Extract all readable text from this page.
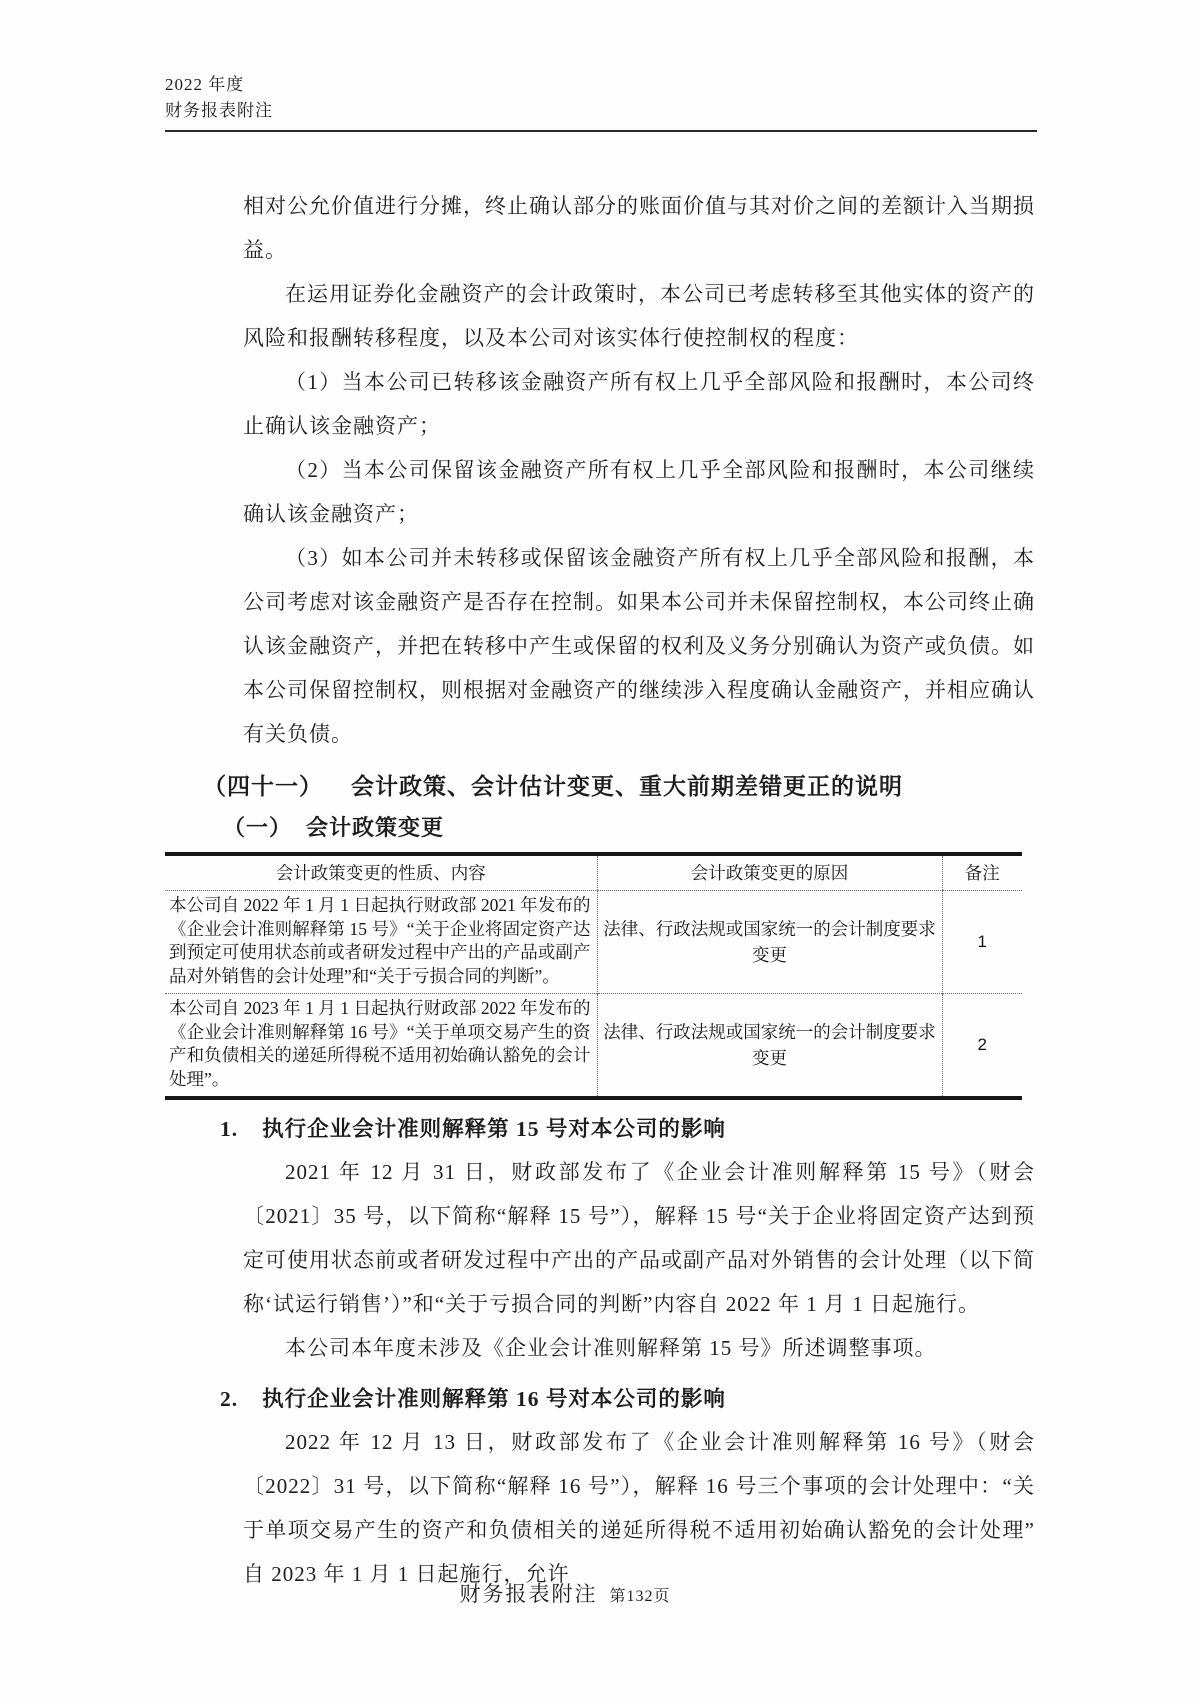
2022 年度
财务报表附注

相对公允价值进行分摊，终止确认部分的账面价值与其对价之间的差额计入当期损益。

在运用证券化金融资产的会计政策时，本公司已考虑转移至其他实体的资产的风险和报酬转移程度，以及本公司对该实体行使控制权的程度：

（1）当本公司已转移该金融资产所有权上几乎全部风险和报酬时，本公司终止确认该金融资产；

（2）当本公司保留该金融资产所有权上几乎全部风险和报酬时，本公司继续确认该金融资产；

（3）如本公司并未转移或保留该金融资产所有权上几乎全部风险和报酬，本公司考虑对该金融资产是否存在控制。如果本公司并未保留控制权，本公司终止确认该金融资产，并把在转移中产生或保留的权利及义务分别确认为资产或负债。如本公司保留控制权，则根据对金融资产的继续涉入程度确认金融资产，并相应确认有关负债。

（四十一） 会计政策、会计估计变更、重大前期差错更正的说明
（一） 会计政策变更
会计政策变更的性质、内容	会计政策变更的原因	备注
本公司自 2022 年 1 月 1 日起执行财政部 2021 年发布的《企业会计准则解释第 15 号》“关于企业将固定资产达到预定可使用状态前或者研发过程中产出的产品或副产品对外销售的会计处理”和“关于亏损合同的判断”。	法律、行政法规或国家统一的会计制度要求变更	1
本公司自 2023 年 1 月 1 日起执行财政部 2022 年发布的《企业会计准则解释第 16 号》“关于单项交易产生的资产和负债相关的递延所得税不适用初始确认豁免的会计处理”。	法律、行政法规或国家统一的会计制度要求变更	2
1. 执行企业会计准则解释第 15 号对本公司的影响

2021 年 12 月 31 日，财政部发布了《企业会计准则解释第 15 号》（财会〔2021〕35 号，以下简称“解释 15 号”），解释 15 号“关于企业将固定资产达到预定可使用状态前或者研发过程中产出的产品或副产品对外销售的会计处理（以下简称‘试运行销售’）”和“关于亏损合同的判断”内容自 2022 年 1 月 1 日起施行。

本公司本年度未涉及《企业会计准则解释第 15 号》所述调整事项。

2. 执行企业会计准则解释第 16 号对本公司的影响

2022 年 12 月 13 日，财政部发布了《企业会计准则解释第 16 号》（财会〔2022〕31 号，以下简称“解释 16 号”），解释 16 号三个事项的会计处理中：“关于单项交易产生的资产和负债相关的递延所得税不适用初始确认豁免的会计处理”自 2023 年 1 月 1 日起施行，允许

财务报表附注 第132页
